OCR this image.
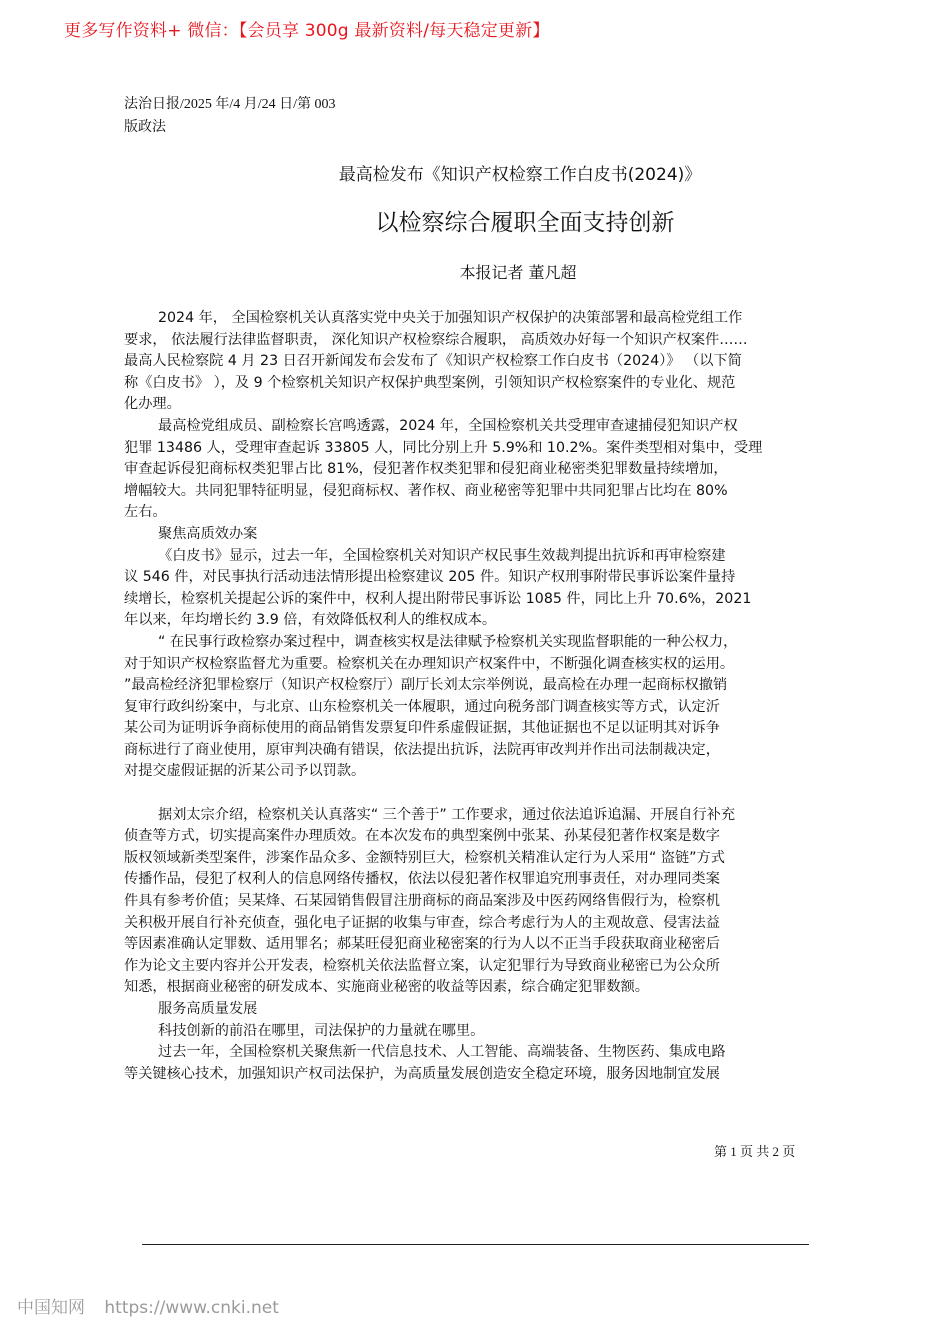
更多写作资料+ 微信：【会员享 300g 最新资料/每天稳定更新】
法治日报/2025 年/4 月/24 日/第 003
版政法
最高检发布《知识产权检察工作白皮书(2024)》
以检察综合履职全面支持创新
本报记者 董凡超
2024 年， 全国检察机关认真落实党中央关于加强知识产权保护的决策部署和最高检党组工作
要求， 依法履行法律监督职责， 深化知识产权检察综合履职， 高质效办好每一个知识产权案件……
最高人民检察院 4 月 23 日召开新闻发布会发布了《知识产权检察工作白皮书（2024）》 （以下简
称《白皮书》 ），及 9 个检察机关知识产权保护典型案例，引领知识产权检察案件的专业化、规范
化办理。
最高检党组成员、副检察长宫鸣透露，2024 年，全国检察机关共受理审查逮捕侵犯知识产权
犯罪 13486 人，受理审查起诉 33805 人，同比分别上升 5.9%和 10.2%。案件类型相对集中，受理
审查起诉侵犯商标权类犯罪占比 81%，侵犯著作权类犯罪和侵犯商业秘密类犯罪数量持续增加，
增幅较大。共同犯罪特征明显，侵犯商标权、著作权、商业秘密等犯罪中共同犯罪占比均在 80%
左右。
聚焦高质效办案
《白皮书》显示，过去一年，全国检察机关对知识产权民事生效裁判提出抗诉和再审检察建
议 546 件，对民事执行活动违法情形提出检察建议 205 件。知识产权刑事附带民事诉讼案件量持
续增长，检察机关提起公诉的案件中，权利人提出附带民事诉讼 1085 件，同比上升 70.6%，2021
年以来，年均增长约 3.9 倍，有效降低权利人的维权成本。
“ 在民事行政检察办案过程中，调查核实权是法律赋予检察机关实现监督职能的一种公权力，
对于知识产权检察监督尤为重要。检察机关在办理知识产权案件中，不断强化调查核实权的运用。
”最高检经济犯罪检察厅（知识产权检察厅）副厅长刘太宗举例说，最高检在办理一起商标权撤销
复审行政纠纷案中，与北京、山东检察机关一体履职，通过向税务部门调查核实等方式，认定沂
某公司为证明诉争商标使用的商品销售发票复印件系虚假证据，其他证据也不足以证明其对诉争
商标进行了商业使用，原审判决确有错误，依法提出抗诉，法院再审改判并作出司法制裁决定，
对提交虚假证据的沂某公司予以罚款。
据刘太宗介绍，检察机关认真落实“ 三个善于” 工作要求，通过依法追诉追漏、开展自行补充
侦查等方式，切实提高案件办理质效。在本次发布的典型案例中张某、孙某侵犯著作权案是数字
版权领域新类型案件，涉案作品众多、金额特别巨大，检察机关精准认定行为人采用“ 盗链”方式
传播作品，侵犯了权利人的信息网络传播权，依法以侵犯著作权罪追究刑事责任，对办理同类案
件具有参考价值；吴某烽、石某园销售假冒注册商标的商品案涉及中医药网络售假行为，检察机
关积极开展自行补充侦查，强化电子证据的收集与审查，综合考虑行为人的主观故意、侵害法益
等因素准确认定罪数、适用罪名；郝某旺侵犯商业秘密案的行为人以不正当手段获取商业秘密后
作为论文主要内容并公开发表，检察机关依法监督立案，认定犯罪行为导致商业秘密已为公众所
知悉，根据商业秘密的研发成本、实施商业秘密的收益等因素，综合确定犯罪数额。
服务高质量发展
科技创新的前沿在哪里，司法保护的力量就在哪里。
过去一年，全国检察机关聚焦新一代信息技术、人工智能、高端装备、生物医药、集成电路
等关键核心技术，加强知识产权司法保护，为高质量发展创造安全稳定环境，服务因地制宜发展
第 1 页 共 2 页
中国知网 https://www.cnki.net
